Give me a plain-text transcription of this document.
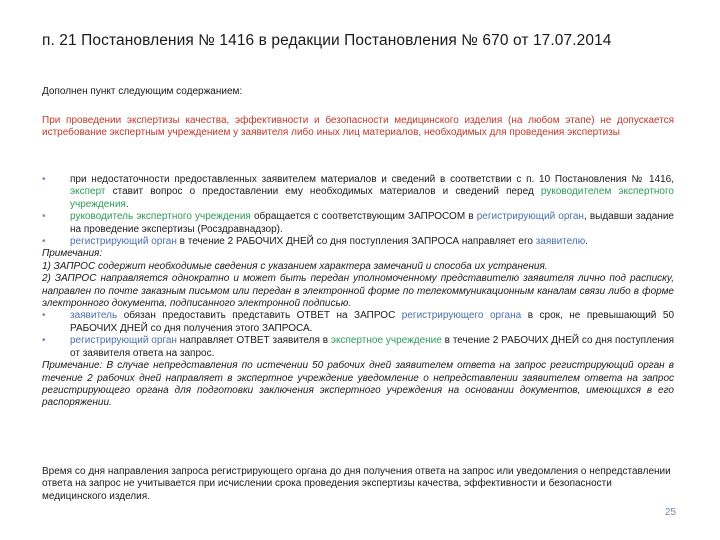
п. 21 Постановления № 1416 в редакции Постановления № 670 от 17.07.2014
Дополнен пункт следующим содержанием:
При проведении экспертизы качества, эффективности и безопасности медицинского изделия (на любом этапе) не допускается истребование экспертным учреждением у заявителя либо иных лиц материалов, необходимых для проведения экспертизы
• при недостаточности предоставленных заявителем материалов и сведений в соответствии с п. 10 Постановления № 1416, эксперт ставит вопрос о предоставлении ему необходимых материалов и сведений перед руководителем экспертного учреждения.
• руководитель экспертного учреждения обращается с соответствующим ЗАПРОСОМ в регистрирующий орган, выдавши задание на проведение экспертизы (Росздравнадзор).
• регистрирующий орган в течение 2 РАБОЧИХ ДНЕЙ со дня поступления ЗАПРОСА направляет его заявителю.
Примечания:
1) ЗАПРОС содержит необходимые сведения с указанием характера замечаний и способа их устранения.
2) ЗАПРОС направляется однократно и может быть передан уполномоченному представителю заявителя лично под расписку, направлен по почте заказным письмом или передан в электронной форме по телекоммуникационным каналам связи либо в форме электронного документа, подписанного электронной подписью.
• заявитель обязан предоставить представить ОТВЕТ на ЗАПРОС регистрирующего органа в срок, не превышающий 50 РАБОЧИХ ДНЕЙ со дня получения этого ЗАПРОСА.
• регистрирующий орган направляет ОТВЕТ заявителя в экспертное учреждение в течение 2 РАБОЧИХ ДНЕЙ со дня поступления от заявителя ответа на запрос.
Примечание: В случае непредставления по истечении 50 рабочих дней заявителем ответа на запрос регистрирующий орган в течение 2 рабочих дней направляет в экспертное учреждение уведомление о непредставлении заявителем ответа на запрос регистрирующего органа для подготовки заключения экспертного учреждения на основании документов, имеющихся в его распоряжении.
Время со дня направления запроса регистрирующего органа до дня получения ответа на запрос или уведомления о непредставлении ответа на запрос не учитывается при исчислении срока проведения экспертизы качества, эффективности и безопасности медицинского изделия.
25
